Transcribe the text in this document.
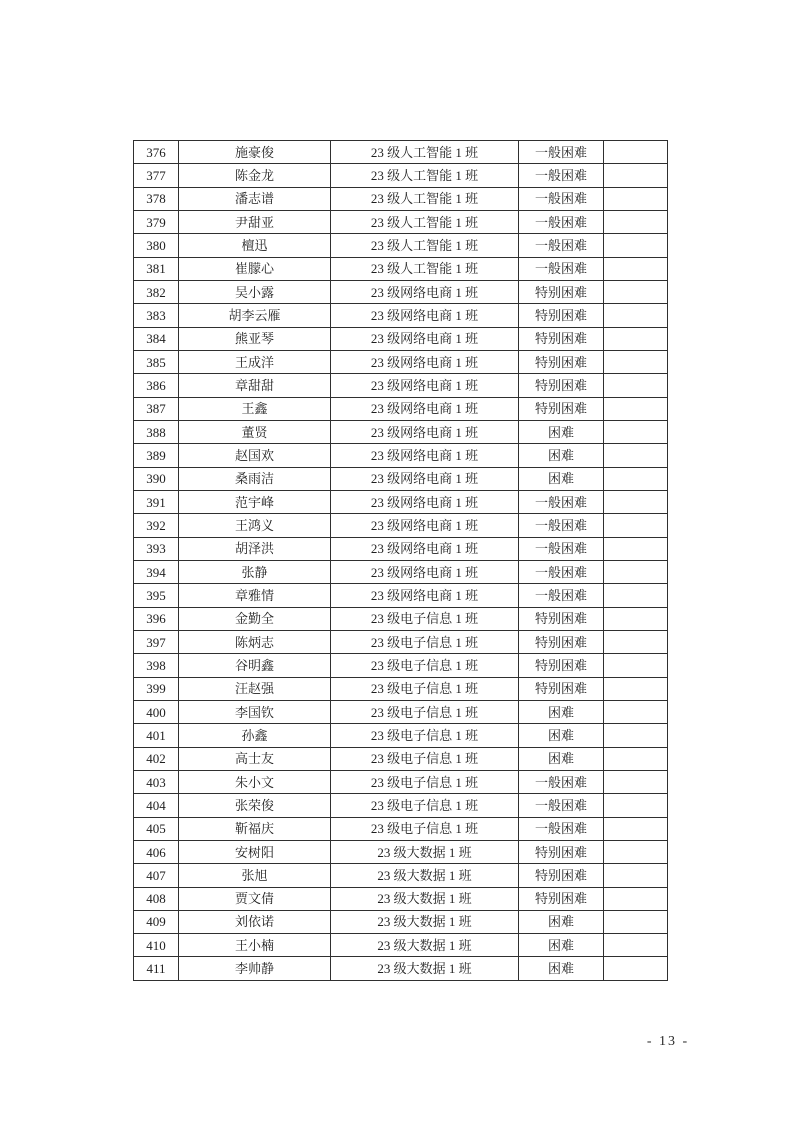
376	施豪俊	23 级人工智能 1 班	一般困难	
377	陈金龙	23 级人工智能 1 班	一般困难	
378	潘志谱	23 级人工智能 1 班	一般困难	
379	尹甜亚	23 级人工智能 1 班	一般困难	
380	檀迅	23 级人工智能 1 班	一般困难	
381	崔朦心	23 级人工智能 1 班	一般困难	
382	吴小露	23 级网络电商 1 班	特别困难	
383	胡李云雁	23 级网络电商 1 班	特别困难	
384	熊亚琴	23 级网络电商 1 班	特别困难	
385	王成洋	23 级网络电商 1 班	特别困难	
386	章甜甜	23 级网络电商 1 班	特别困难	
387	王鑫	23 级网络电商 1 班	特别困难	
388	董贤	23 级网络电商 1 班	困难	
389	赵国欢	23 级网络电商 1 班	困难	
390	桑雨洁	23 级网络电商 1 班	困难	
391	范宇峰	23 级网络电商 1 班	一般困难	
392	王鸿义	23 级网络电商 1 班	一般困难	
393	胡泽洪	23 级网络电商 1 班	一般困难	
394	张静	23 级网络电商 1 班	一般困难	
395	章雅情	23 级网络电商 1 班	一般困难	
396	金勤全	23 级电子信息 1 班	特别困难	
397	陈炳志	23 级电子信息 1 班	特别困难	
398	谷明鑫	23 级电子信息 1 班	特别困难	
399	汪赵强	23 级电子信息 1 班	特别困难	
400	李国钦	23 级电子信息 1 班	困难	
401	孙鑫	23 级电子信息 1 班	困难	
402	高士友	23 级电子信息 1 班	困难	
403	朱小文	23 级电子信息 1 班	一般困难	
404	张荣俊	23 级电子信息 1 班	一般困难	
405	靳福庆	23 级电子信息 1 班	一般困难	
406	安树阳	23 级大数据 1 班	特别困难	
407	张旭	23 级大数据 1 班	特别困难	
408	贾文倩	23 级大数据 1 班	特别困难	
409	刘依诺	23 级大数据 1 班	困难	
410	王小楠	23 级大数据 1 班	困难	
411	李帅静	23 级大数据 1 班	困难	
- 13 -
